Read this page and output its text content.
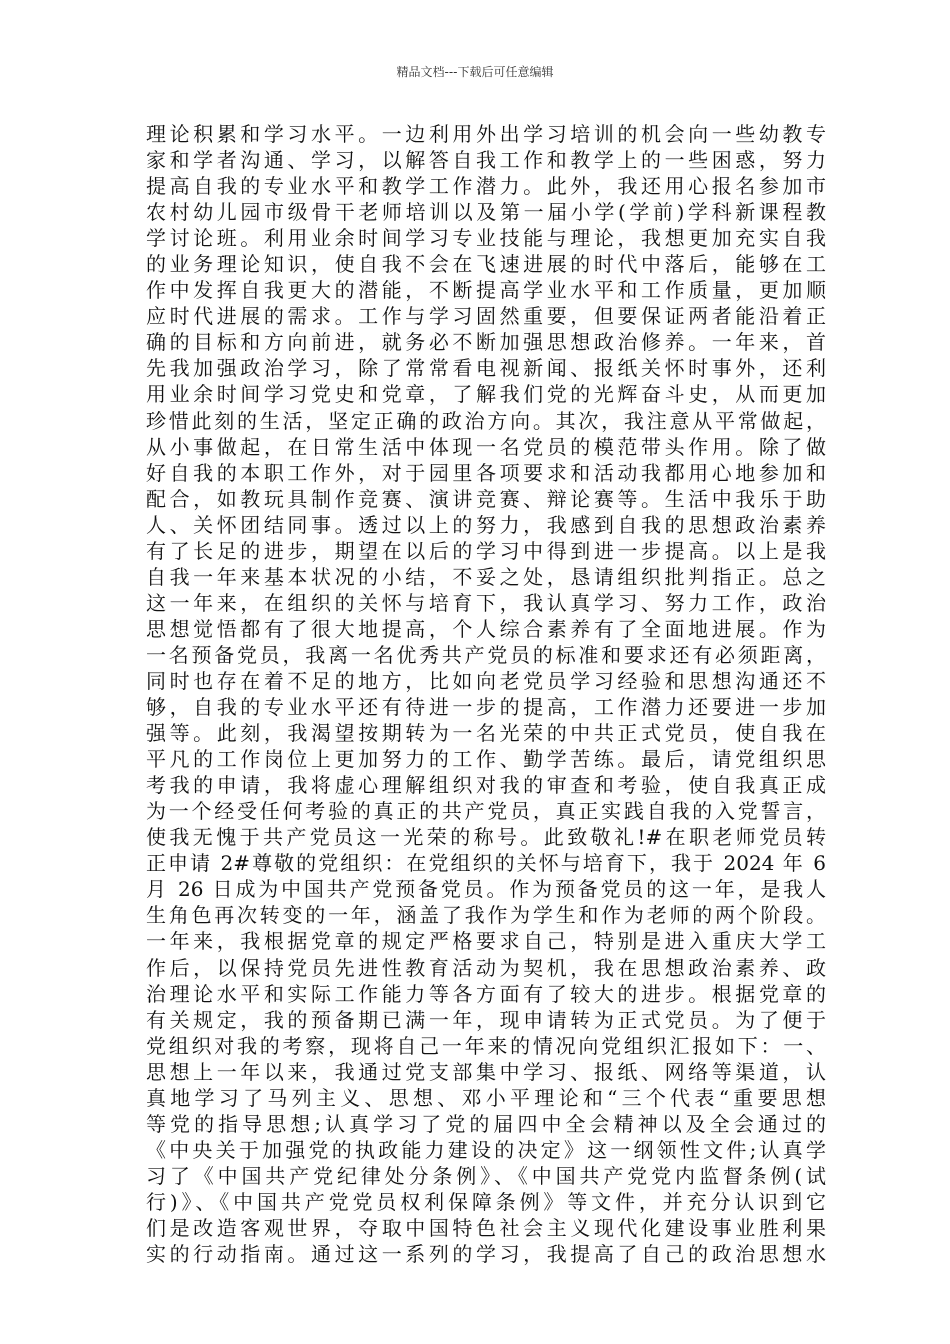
精品文档---下载后可任意编辑
理论积累和学习水平。一边利用外出学习培训的机会向一些幼教专
家和学者沟通、学习，以解答自我工作和教学上的一些困惑，努力
提高自我的专业水平和教学工作潜力。此外，我还用心报名参加市
农村幼儿园市级骨干老师培训以及第一届小学(学前)学科新课程教
学讨论班。利用业余时间学习专业技能与理论，我想更加充实自我
的业务理论知识，使自我不会在飞速进展的时代中落后，能够在工
作中发挥自我更大的潜能，不断提高学业水平和工作质量，更加顺
应时代进展的需求。工作与学习固然重要，但要保证两者能沿着正
确的目标和方向前进，就务必不断加强思想政治修养。一年来，首
先我加强政治学习，除了常常看电视新闻、报纸关怀时事外，还利
用业余时间学习党史和党章，了解我们党的光辉奋斗史，从而更加
珍惜此刻的生活，坚定正确的政治方向。其次，我注意从平常做起，
从小事做起，在日常生活中体现一名党员的模范带头作用。除了做
好自我的本职工作外，对于园里各项要求和活动我都用心地参加和
配合，如教玩具制作竞赛、演讲竞赛、辩论赛等。生活中我乐于助
人、关怀团结同事。透过以上的努力，我感到自我的思想政治素养
有了长足的进步，期望在以后的学习中得到进一步提高。以上是我
自我一年来基本状况的小结，不妥之处，恳请组织批判指正。总之
这一年来，在组织的关怀与培育下，我认真学习、努力工作，政治
思想觉悟都有了很大地提高，个人综合素养有了全面地进展。作为
一名预备党员，我离一名优秀共产党员的标准和要求还有必须距离，
同时也存在着不足的地方，比如向老党员学习经验和思想沟通还不
够，自我的专业水平还有待进一步的提高，工作潜力还要进一步加
强等。此刻，我渴望按期转为一名光荣的中共正式党员，使自我在
平凡的工作岗位上更加努力的工作、勤学苦练。最后，请党组织思
考我的申请，我将虚心理解组织对我的审查和考验，使自我真正成
为一个经受任何考验的真正的共产党员，真正实践自我的入党誓言，
使我无愧于共产党员这一光荣的称号。此致敬礼!#在职老师党员转
正申请 2#尊敬的党组织：在党组织的关怀与培育下，我于 2024 年 6
月 26 日成为中国共产党预备党员。作为预备党员的这一年，是我人
生角色再次转变的一年，涵盖了我作为学生和作为老师的两个阶段。
一年来，我根据党章的规定严格要求自己，特别是进入重庆大学工
作后，以保持党员先进性教育活动为契机，我在思想政治素养、政
治理论水平和实际工作能力等各方面有了较大的进步。根据党章的
有关规定，我的预备期已满一年，现申请转为正式党员。为了便于
党组织对我的考察，现将自己一年来的情况向党组织汇报如下：一、
思想上一年以来，我通过党支部集中学习、报纸、网络等渠道，认
真地学习了马列主义、思想、邓小平理论和“三个代表“重要思想
等党的指导思想;认真学习了党的届四中全会精神以及全会通过的
《中央关于加强党的执政能力建设的决定》这一纲领性文件;认真学
习了《中国共产党纪律处分条例》、《中国共产党党内监督条例(试
行)》、《中国共产党党员权利保障条例》等文件，并充分认识到它
们是改造客观世界，夺取中国特色社会主义现代化建设事业胜利果
实的行动指南。通过这一系列的学习，我提高了自己的政治思想水
